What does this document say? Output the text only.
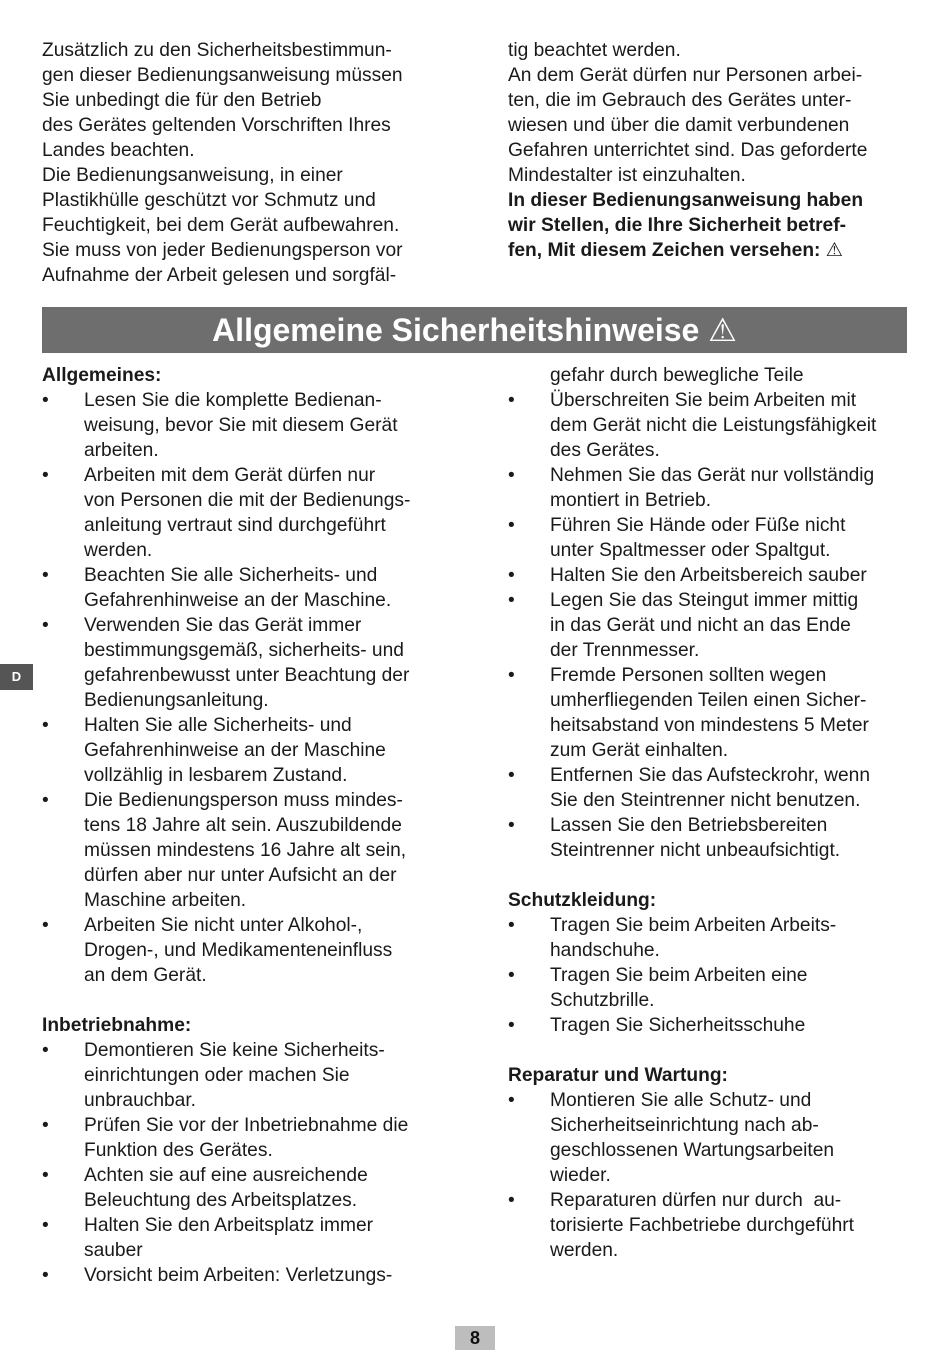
Zusätzlich zu den Sicherheitsbestimmun-
gen dieser Bedienungsanweisung müssen
Sie unbedingt die für den Betrieb
des Gerätes geltenden Vorschriften Ihres
Landes beachten.
Die Bedienungsanweisung, in einer
Plastikhülle geschützt vor Schmutz und
Feuchtigkeit, bei dem Gerät aufbewahren.
Sie muss von jeder Bedienungsperson vor
Aufnahme der Arbeit gelesen und sorgfäl-
tig beachtet werden.
An dem Gerät dürfen nur Personen arbei-
ten, die im Gebrauch des Gerätes unter-
wiesen und über die damit verbundenen
Gefahren unterrichtet sind. Das geforderte
Mindestalter ist einzuhalten.
In dieser Bedienungsanweisung haben
wir Stellen, die Ihre Sicherheit betref-
fen, Mit diesem Zeichen versehen: ⚠
Allgemeine Sicherheitshinweise ⚠
Allgemeines:
•	Lesen Sie die komplette Bedienan-
weisung, bevor Sie mit diesem Gerät
arbeiten.
•	Arbeiten mit dem Gerät dürfen nur
von Personen die mit der Bedienungs-
anleitung vertraut sind durchgeführt
werden.
•	Beachten Sie alle Sicherheits- und
Gefahrenhinweise an der Maschine.
•	Verwenden Sie das Gerät immer
bestimmungsgemäß, sicherheits- und
gefahrenbewusst unter Beachtung der
Bedienungsanleitung.
•	Halten Sie alle Sicherheits- und
Gefahrenhinweise an der Maschine
vollzählig in lesbarem Zustand.
•	Die Bedienungsperson muss mindes-
tens 18 Jahre alt sein. Auszubildende
müssen mindestens 16 Jahre alt sein,
dürfen aber nur unter Aufsicht an der
Maschine arbeiten.
•	Arbeiten Sie nicht unter Alkohol-,
Drogen-, und Medikamenteneinfluss
an dem Gerät.
Inbetriebnahme:
•	Demontieren Sie keine Sicherheits-
einrichtungen oder machen Sie
unbrauchbar.
•	Prüfen Sie vor der Inbetriebnahme die
Funktion des Gerätes.
•	Achten sie auf eine ausreichende
Beleuchtung des Arbeitsplatzes.
•	Halten Sie den Arbeitsplatz immer
sauber
•	Vorsicht beim Arbeiten: Verletzungs-
gefahr durch bewegliche Teile
•	Überschreiten Sie beim Arbeiten mit
dem Gerät nicht die Leistungsfähigkeit
des Gerätes.
•	Nehmen Sie das Gerät nur vollständig
montiert in Betrieb.
•	Führen Sie Hände oder Füße nicht
unter Spaltmesser oder Spaltgut.
•	Halten Sie den Arbeitsbereich sauber
•	Legen Sie das Steingut immer mittig
in das Gerät und nicht an das Ende
der Trennmesser.
•	Fremde Personen sollten wegen
umherfliegenden Teilen einen Sicher-
heitsabstand von mindestens 5 Meter
zum Gerät einhalten.
•	Entfernen Sie das Aufsteckrohr, wenn
Sie den Steintrenner nicht benutzen.
•	Lassen Sie den Betriebsbereiten
Steintrenner nicht unbeaufsichtigt.
Schutzkleidung:
•	Tragen Sie beim Arbeiten Arbeits-
handschuhe.
•	Tragen Sie beim Arbeiten eine
Schutzbrille.
•	Tragen Sie Sicherheitsschuhe
Reparatur und Wartung:
•	Montieren Sie alle Schutz- und
Sicherheitseinrichtung nach ab-
geschlossenen Wartungsarbeiten
wieder.
•	Reparaturen dürfen nur durch  au-
torisierte Fachbetriebe durchgeführt
werden.
D
8
